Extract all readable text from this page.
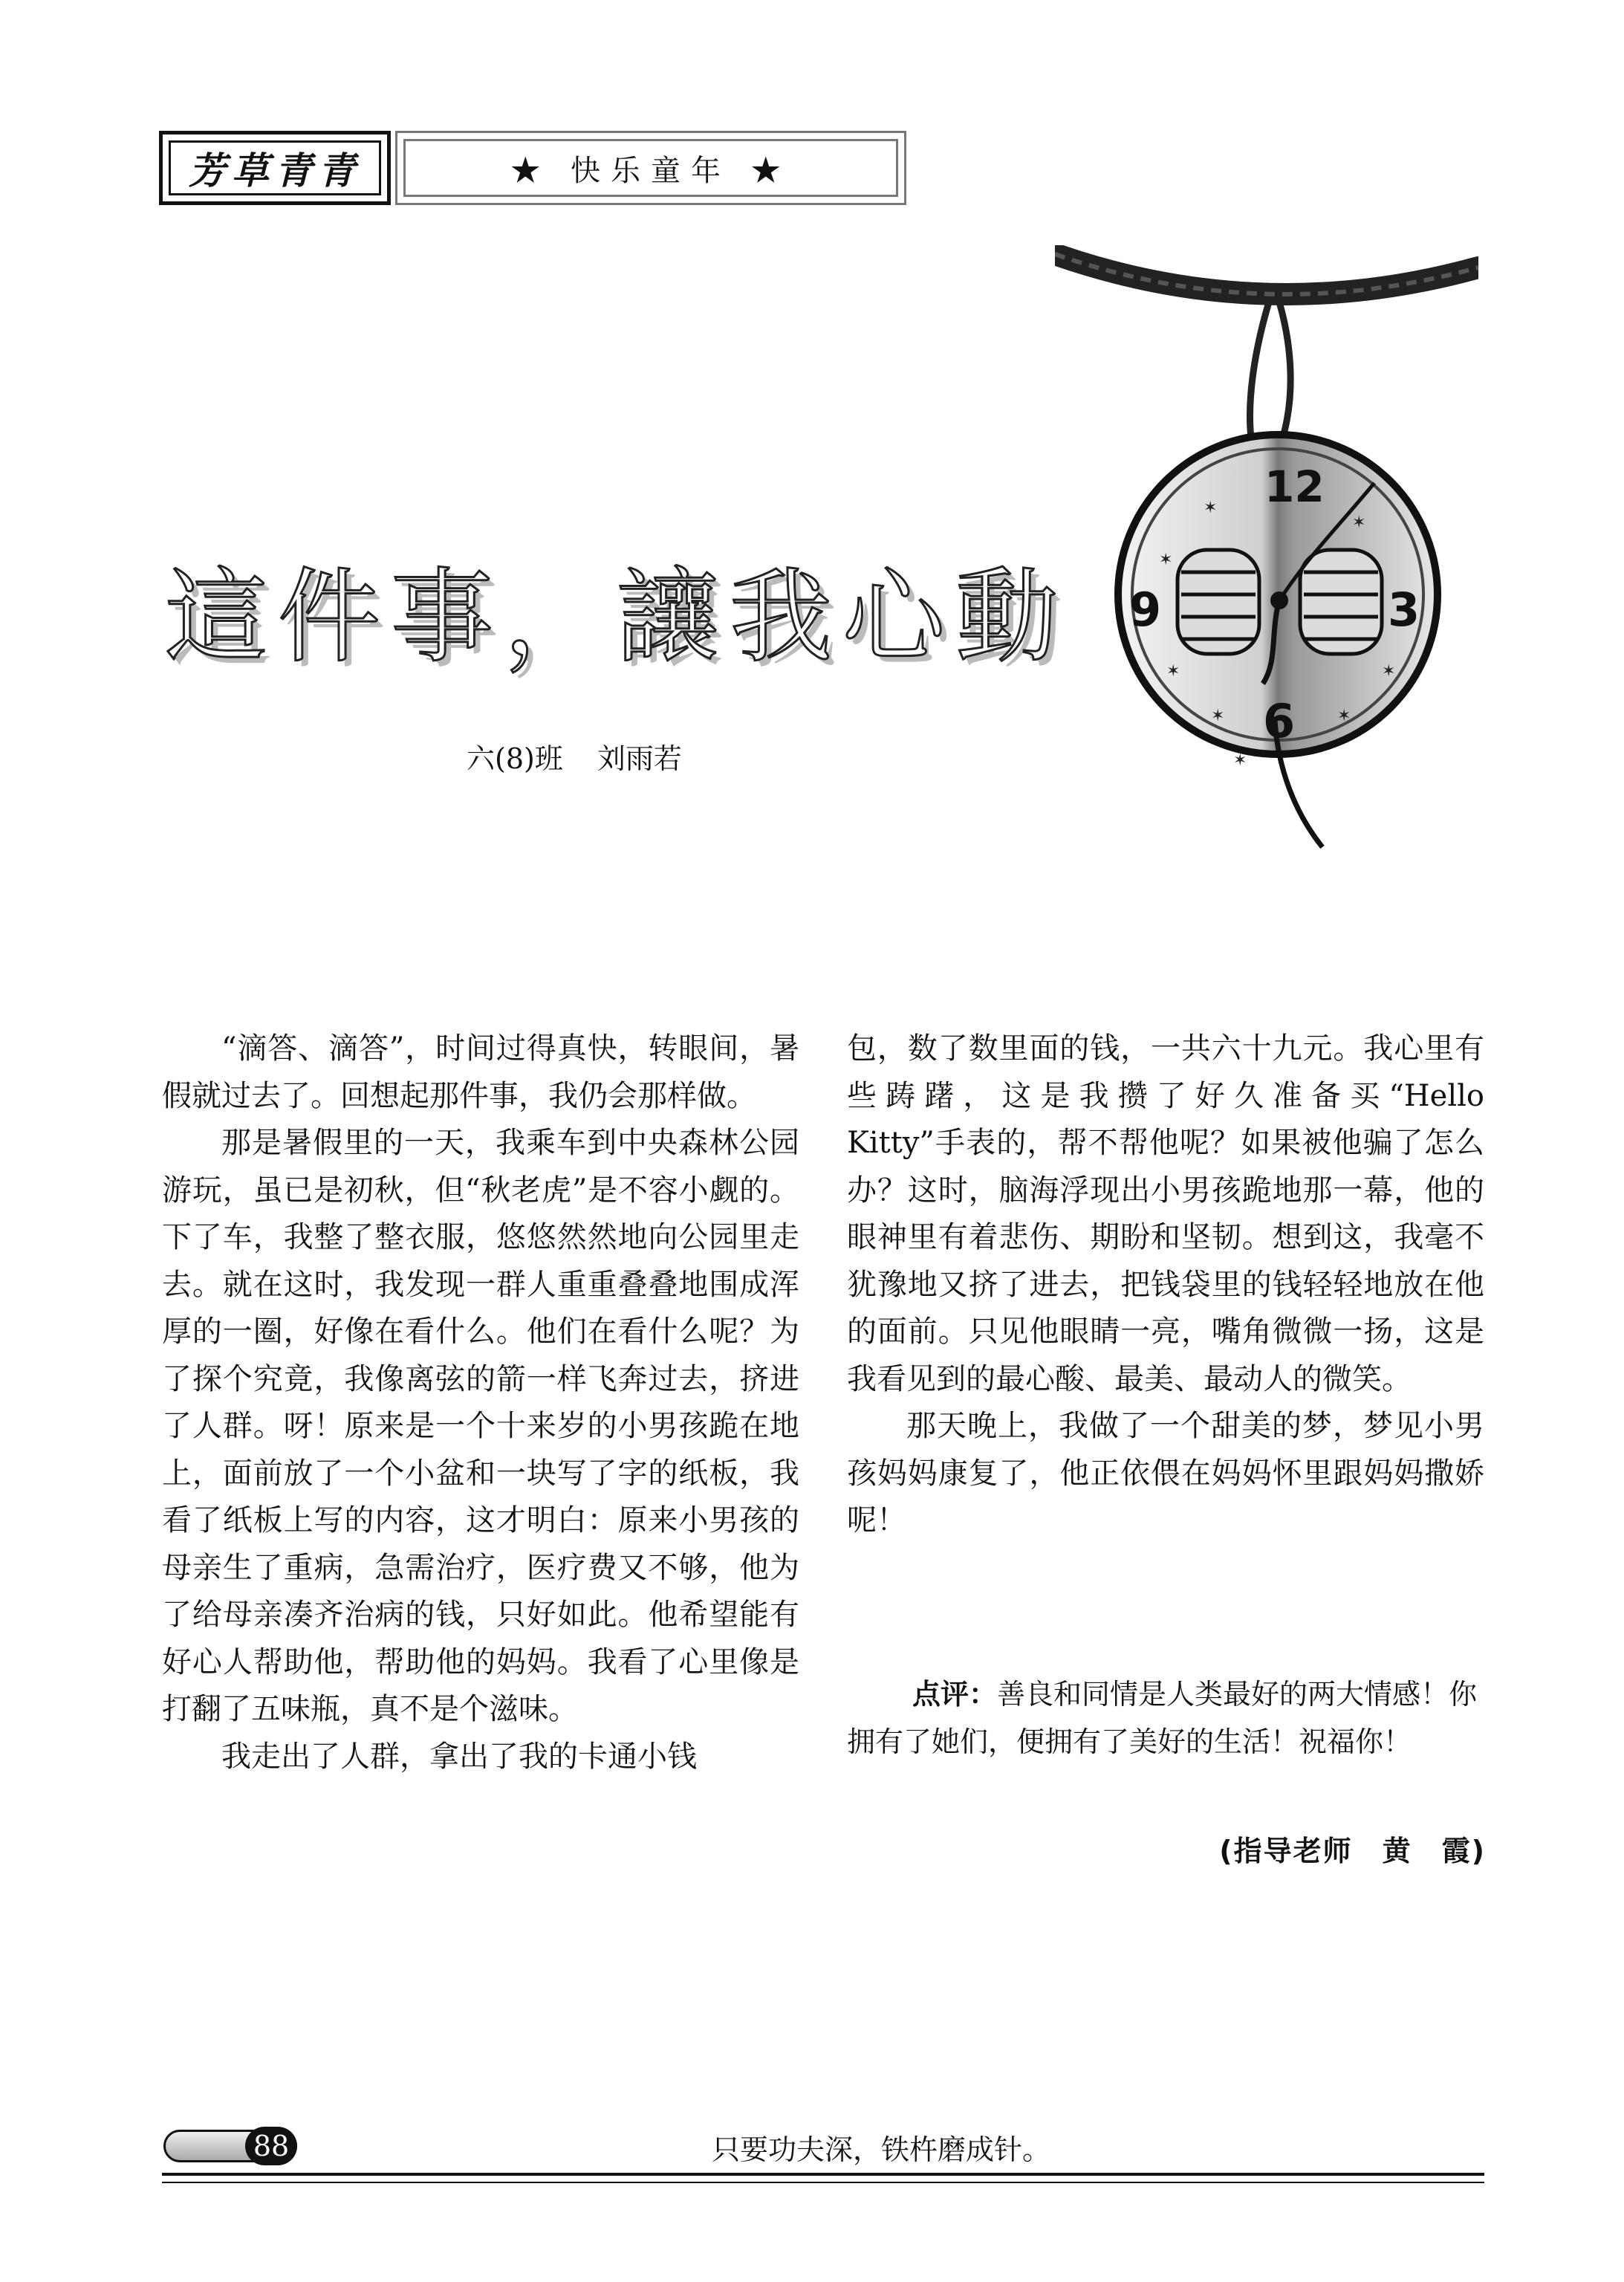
芳草青青	★ 快乐童年 ★
這件事，讓我心動
六(8)班 刘雨若
12
3
6
9
✶
✶
✶
✶	✶
✶
✶
✶

“滴答、滴答”，时间过得真快，转眼间，暑假就过去了。回想起那件事，我仍会那样做。

那是暑假里的一天，我乘车到中央森林公园游玩，虽已是初秋，但“秋老虎”是不容小觑的。下了车，我整了整衣服，悠悠然然地向公园里走去。就在这时，我发现一群人重重叠叠地围成浑厚的一圈，好像在看什么。他们在看什么呢？为了探个究竟，我像离弦的箭一样飞奔过去，挤进了人群。呀！原来是一个十来岁的小男孩跪在地上，面前放了一个小盆和一块写了字的纸板，我看了纸板上写的内容，这才明白：原来小男孩的母亲生了重病，急需治疗，医疗费又不够，他为了给母亲凑齐治病的钱，只好如此。他希望能有好心人帮助他，帮助他的妈妈。我看了心里像是打翻了五味瓶，真不是个滋味。

我走出了人群，拿出了我的卡通小钱

包，数了数里面的钱，一共六十九元。我心里有些踌躇，这是我攒了好久准备买“Hello Kitty”手表的，帮不帮他呢？如果被他骗了怎么办？这时，脑海浮现出小男孩跪地那一幕，他的眼神里有着悲伤、期盼和坚韧。想到这，我毫不犹豫地又挤了进去，把钱袋里的钱轻轻地放在他的面前。只见他眼睛一亮，嘴角微微一扬，这是我看见到的最心酸、最美、最动人的微笑。

那天晚上，我做了一个甜美的梦，梦见小男孩妈妈康复了，他正依偎在妈妈怀里跟妈妈撒娇呢！

点评：善良和同情是人类最好的两大情感！你拥有了她们，便拥有了美好的生活！祝福你！
(指导老师　黄　霞)
88	只要功夫深，铁杵磨成针。
